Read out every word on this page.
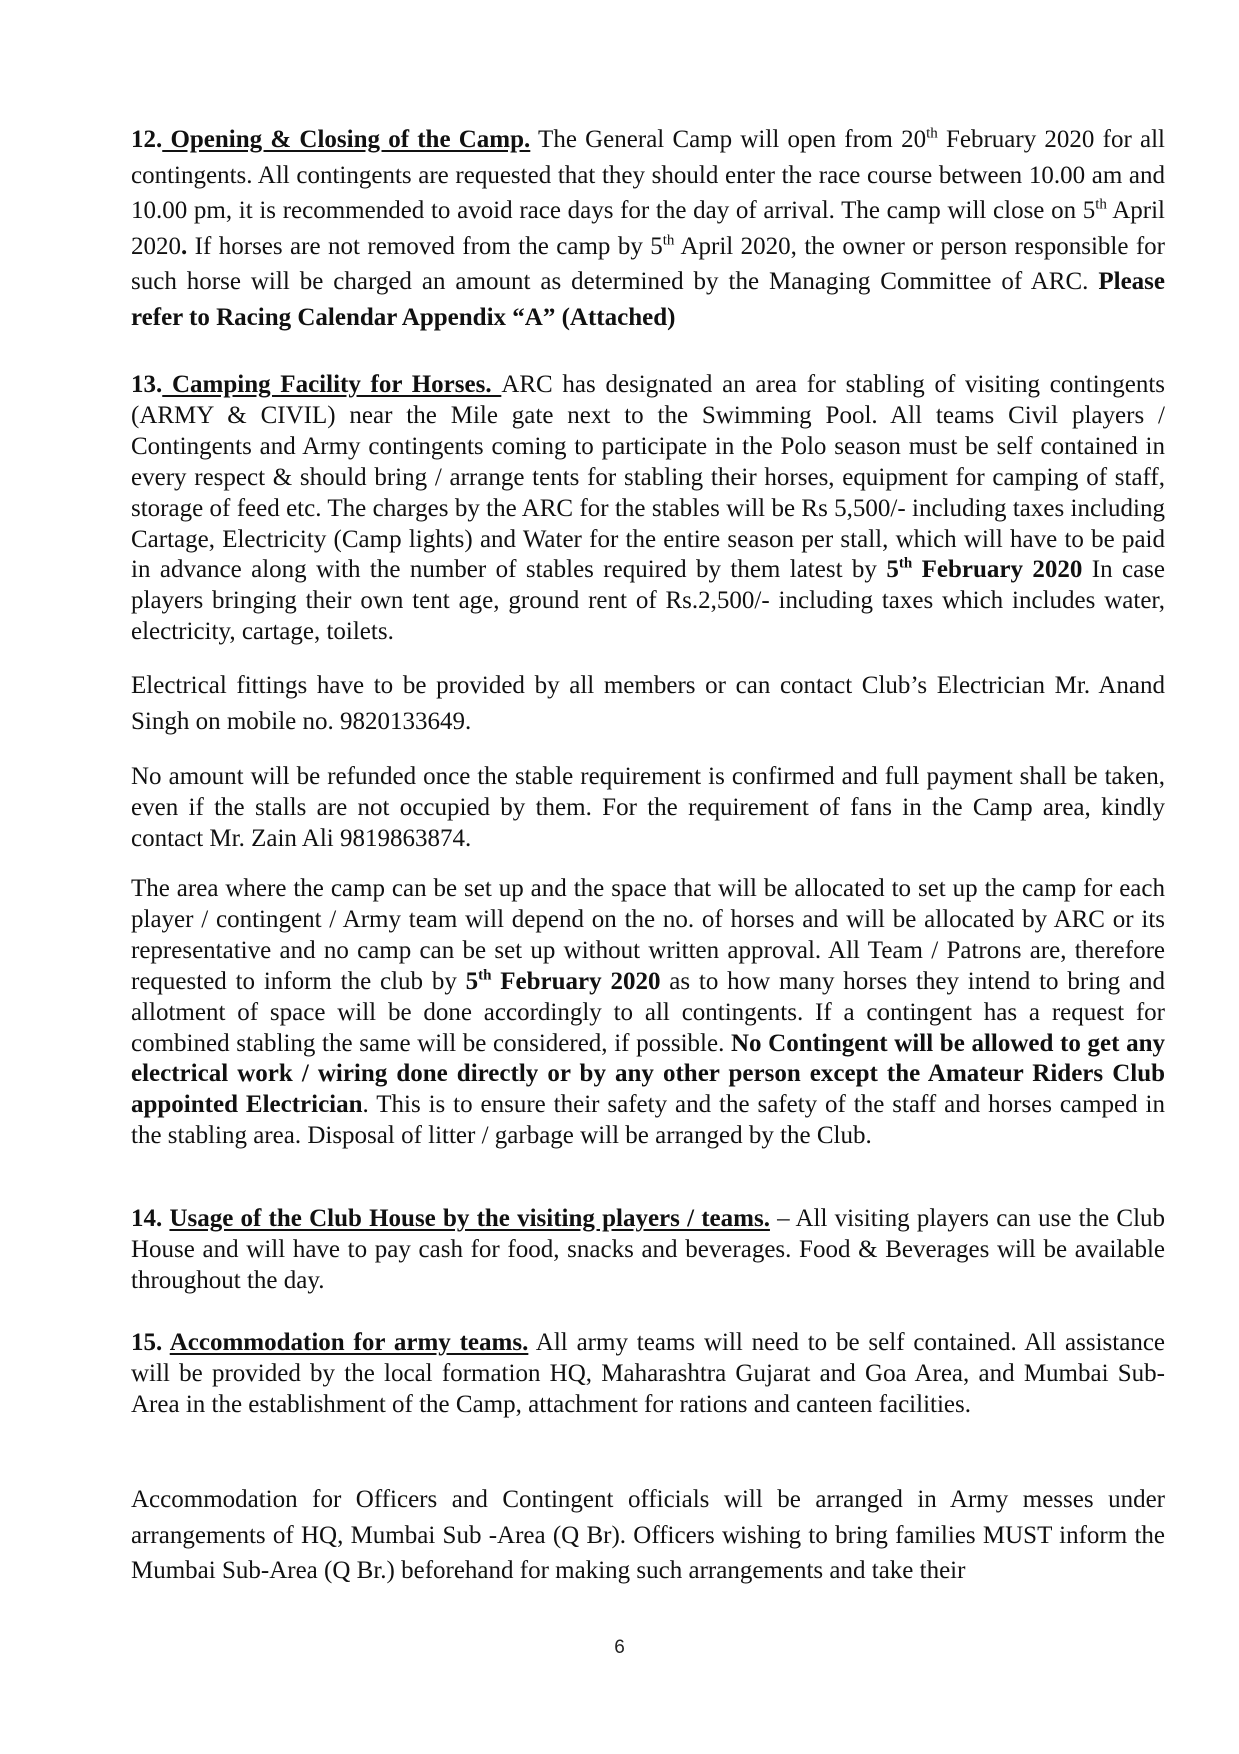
12. Opening & Closing of the Camp. The General Camp will open from 20th February 2020 for all contingents. All contingents are requested that they should enter the race course between 10.00 am and 10.00 pm, it is recommended to avoid race days for the day of arrival. The camp will close on 5th April 2020. If horses are not removed from the camp by 5th April 2020, the owner or person responsible for such horse will be charged an amount as determined by the Managing Committee of ARC. Please refer to Racing Calendar Appendix “A” (Attached)

13. Camping Facility for Horses. ARC has designated an area for stabling of visiting contingents (ARMY & CIVIL) near the Mile gate next to the Swimming Pool. All teams Civil players / Contingents and Army contingents coming to participate in the Polo season must be self contained in every respect & should bring / arrange tents for stabling their horses, equipment for camping of staff, storage of feed etc. The charges by the ARC for the stables will be Rs 5,500/- including taxes including Cartage, Electricity (Camp lights) and Water for the entire season per stall, which will have to be paid in advance along with the number of stables required by them latest by 5th February 2020 In case players bringing their own tent age, ground rent of Rs.2,500/- including taxes which includes water, electricity, cartage, toilets.

Electrical fittings have to be provided by all members or can contact Club’s Electrician Mr. Anand Singh on mobile no. 9820133649.

No amount will be refunded once the stable requirement is confirmed and full payment shall be taken, even if the stalls are not occupied by them. For the requirement of fans in the Camp area, kindly contact Mr. Zain Ali 9819863874.

The area where the camp can be set up and the space that will be allocated to set up the camp for each player / contingent / Army team will depend on the no. of horses and will be allocated by ARC or its representative and no camp can be set up without written approval. All Team / Patrons are, therefore requested to inform the club by 5th February 2020 as to how many horses they intend to bring and allotment of space will be done accordingly to all contingents. If a contingent has a request for combined stabling the same will be considered, if possible. No Contingent will be allowed to get any electrical work / wiring done directly or by any other person except the Amateur Riders Club appointed Electrician. This is to ensure their safety and the safety of the staff and horses camped in the stabling area. Disposal of litter / garbage will be arranged by the Club.

14. Usage of the Club House by the visiting players / teams. – All visiting players can use the Club House and will have to pay cash for food, snacks and beverages. Food & Beverages will be available throughout the day.

15. Accommodation for army teams. All army teams will need to be self contained. All assistance will be provided by the local formation HQ, Maharashtra Gujarat and Goa Area, and Mumbai Sub-Area in the establishment of the Camp, attachment for rations and canteen facilities.

Accommodation for Officers and Contingent officials will be arranged in Army messes under arrangements of HQ, Mumbai Sub -Area (Q Br). Officers wishing to bring families MUST inform the Mumbai Sub-Area (Q Br.) beforehand for making such arrangements and take their

6
